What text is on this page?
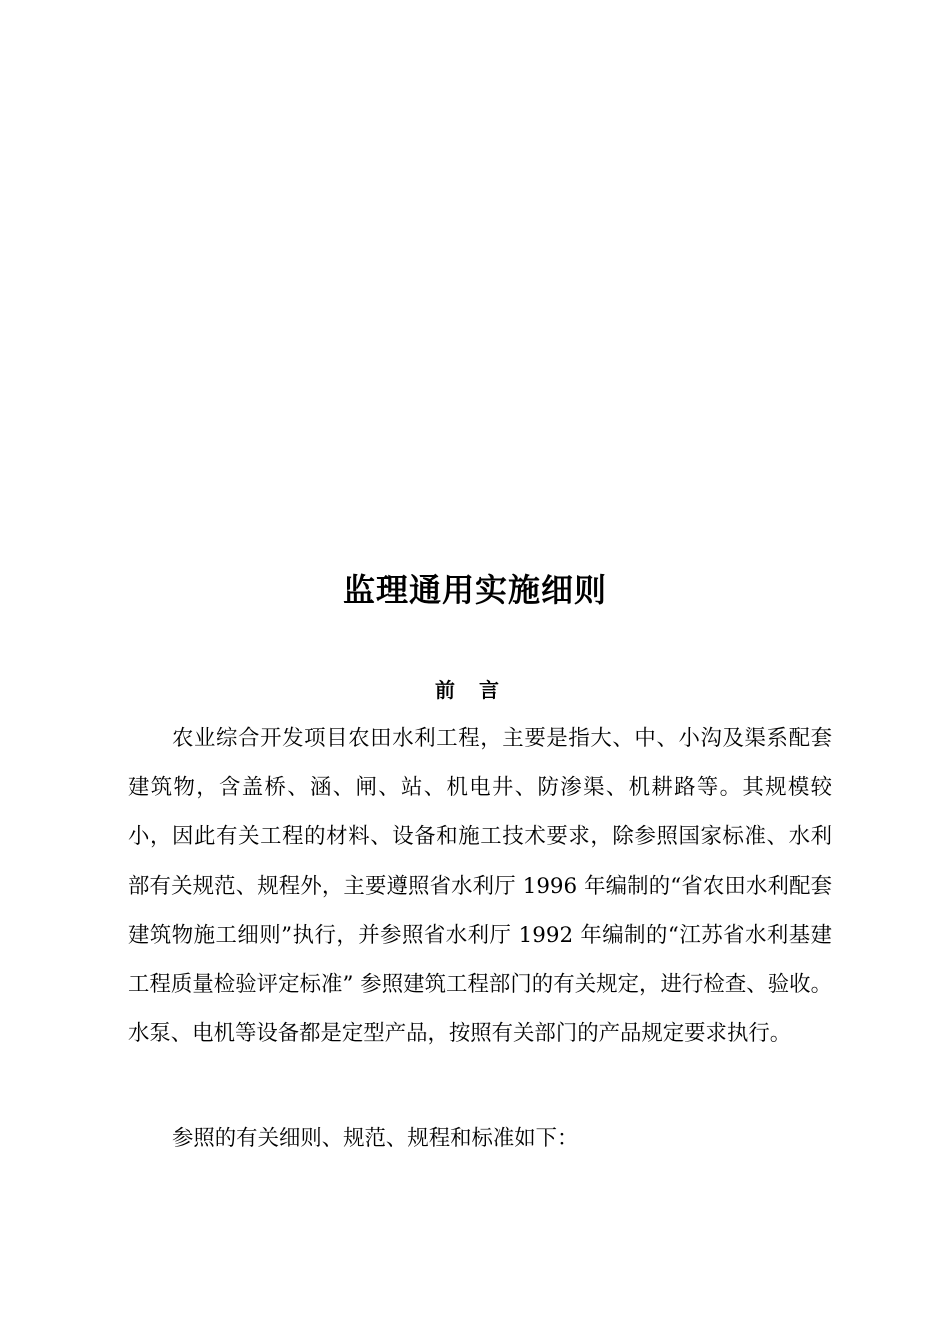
监理通用实施细则
前言

农业综合开发项目农田水利工程，主要是指大、中、小沟及渠系配套建筑物，含盖桥、涵、闸、站、机电井、防渗渠、机耕路等。其规模较小，因此有关工程的材料、设备和施工技术要求，除参照国家标准、水利部有关规范、规程外，主要遵照省水利厅 1996 年编制的“省农田水利配套建筑物施工细则”执行，并参照省水利厅 1992 年编制的“江苏省水利基建工程质量检验评定标准” 参照建筑工程部门的有关规定，进行检查、验收。水泵、电机等设备都是定型产品，按照有关部门的产品规定要求执行。

参照的有关细则、规范、规程和标准如下：
